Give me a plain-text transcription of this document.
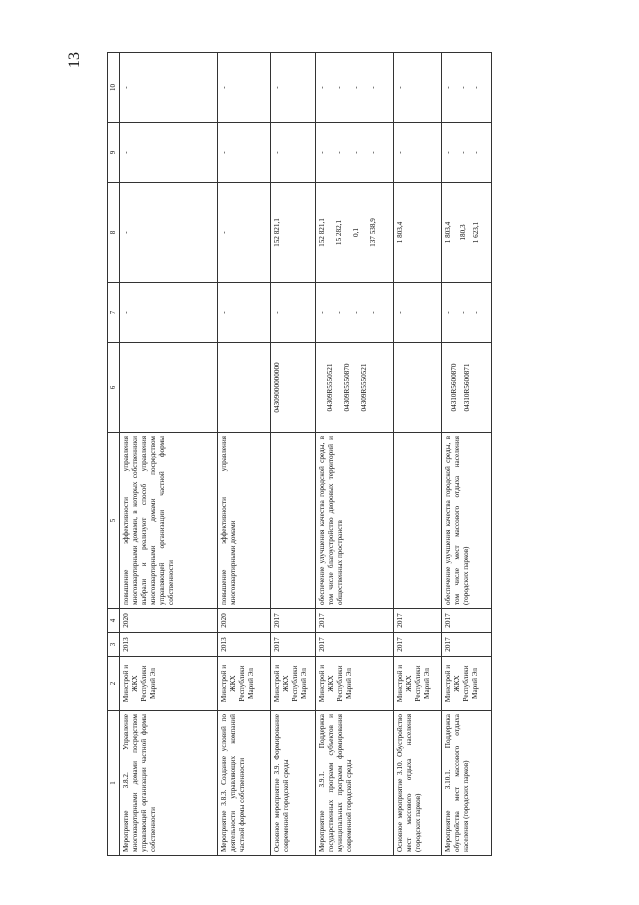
13
1	2	3	4	5	6	7	8	9	10
Мероприятие 3.8.2. Управление многоквартирными домами посредством управляющей организации частной формы собственности	Минстрой и ЖКХ Республики Марий Эл	2013	2020	повышение эффективности управления многоквартирными домами, в которых собственники выбрали и реализуют способ управления многоквартирными домами посредством управляющей организации частной формы собственности		-	-	-	-

Мероприятие 3.8.3. Создание условий по деятельности управляющих компаний частной формы собственности	Минстрой и ЖКХ Республики Марий Эл	2013	2020	повышение эффективности управления многоквартирными домами		-	-	-	-

Основное мероприятие 3.9. Формирование современной городской среды	Минстрой и ЖКХ Республики Марий Эл	2017	2017		04309000000000	-	152 821,1	-	-

Мероприятие 3.9.1. Поддержка государственных программ субъектов и муниципальных программ формирования современной городской среды	Минстрой и ЖКХ Республики Марий Эл	2017	2017	обеспечение улучшения качества городской среды, в том числе благоустройство дворовых территорий и общественных пространств	04309R5550521 04309R5550870 04309R5550521	- - - -	152 821,1 15 282,1 0,1 137 538,9	- - - -	- - - -

Основное мероприятие 3.10. Обустройство мест массового отдыха населения (городских парков)	Минстрой и ЖКХ Республики Марий Эл	2017	2017			-	1 803,4	-	-

Мероприятие 3.10.1. Поддержка обустройства мест массового отдыха населения (городских парков)	Минстрой и ЖКХ Республики Марий Эл	2017	2017	обеспечение улучшения качества городской среды, в том числе мест массового отдыха населения (городских парков)	04310R5600870 04310R5600871	- - -	1 803,4 180,3 1 623,1	- - -	- - -
